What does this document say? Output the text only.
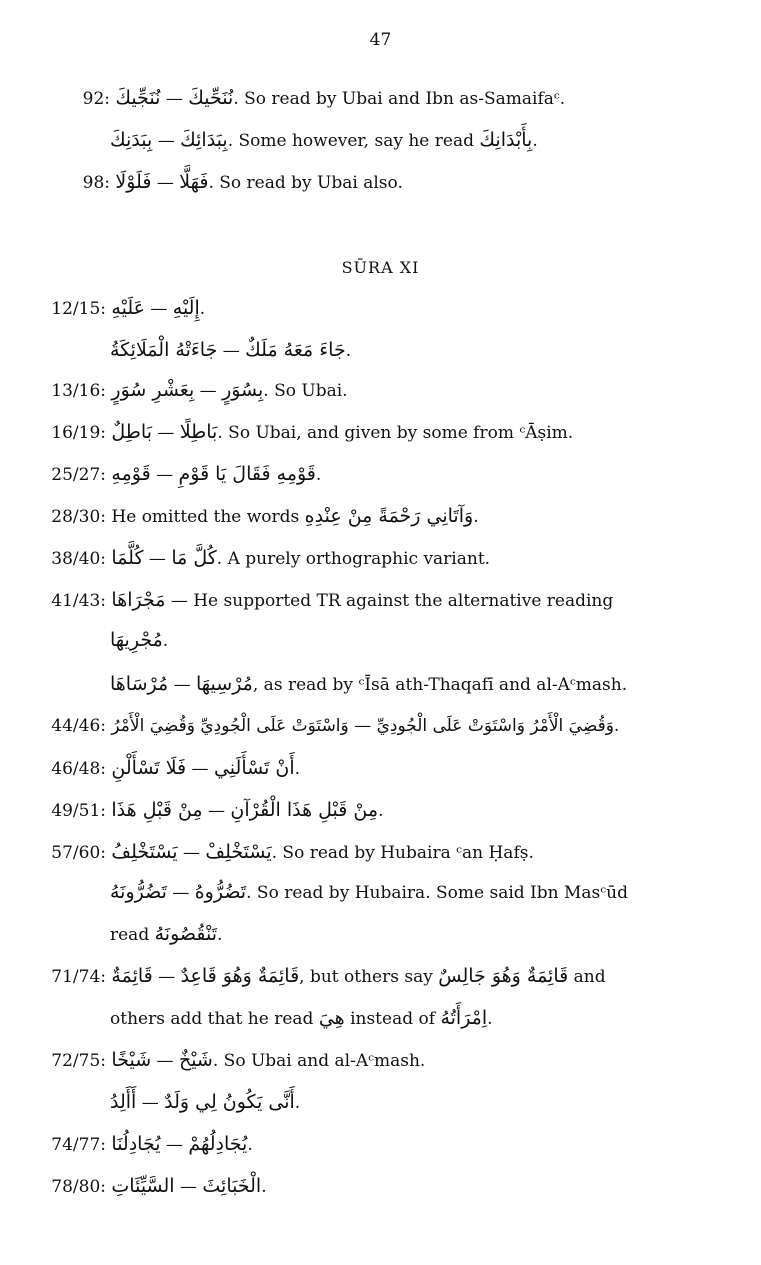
47
92: نُنَجِّيكَ — نُنَحِّيكَ. So read by Ubai and Ibn as-Samaifaᶜ.
بِبَدَنِكَ — بِبَدَائِكَ. Some however, say he read بِأَبْدَانِكَ.
98: فَلَوْلَا — فَهَلَّا. So read by Ubai also.
SŪRA XI
12/15: عَلَيْهِ — إِلَيْهِ.
جَاءَتْهُ الْمَلَائِكَةُ — جَاءَ مَعَهُ مَلَكٌ.
13/16: بِعَشْرِ سُوَرٍ — بِسُوَرٍ. So Ubai.
16/19: بَاطِلٌ — بَاطِلًا. So Ubai, and given by some from ᶜĀṣim.
25/27: قَوْمِهِ — قَوْمِهِ فَقَالَ يَا قَوْمِ.
28/30: He omitted the words وَآتَانِي رَحْمَةً مِنْ عِنْدِهِ.
38/40: كُلَّمَا — كُلَّ مَا. A purely orthographic variant.
41/43: مَجْرَاهَا — He supported TR against the alternative reading
مُجْرِيهَا.
مُرْسَاهَا — مُرْسِيهَا, as read by ᶜĪsā ath-Thaqafī and al-Aᶜmash.
44/46: وَاسْتَوَتْ عَلَى الْجُودِيِّ وَقُضِيَ الْأَمْرُ — وَقُضِيَ الْأَمْرُ وَاسْتَوَتْ عَلَى الْجُودِيِّ.
46/48: فَلَا تَسْأَلْنِ — أَنْ تَسْأَلَنِي.
49/51: مِنْ قَبْلِ هَذَا — مِنْ قَبْلِ هَذَا الْقُرْآنِ.
57/60: يَسْتَخْلِفُ — يَسْتَخْلِفْ. So read by Hubaira ᶜan Ḥafṣ.
تَضُرُّونَهُ — تَضُرُّوهُ. So read by Hubaira. Some said Ibn Masᶜūd
read تَنْقُصُونَهُ.
71/74: قَائِمَةٌ — قَائِمَةٌ وَهُوَ قَاعِدٌ, but others say قَائِمَةٌ وَهُوَ جَالِسٌ and
others add that he read هِيَ instead of اِمْرَأَتُهُ.
72/75: شَيْخًا — شَيْخٌ. So Ubai and al-Aᶜmash.
أَأَلِدُ — أَنَّى يَكُونُ لِي وَلَدٌ.
74/77: يُجَادِلُنَا — يُجَادِلُهُمْ.
78/80: السَّيِّئَاتِ — الْخَبَائِثَ.
